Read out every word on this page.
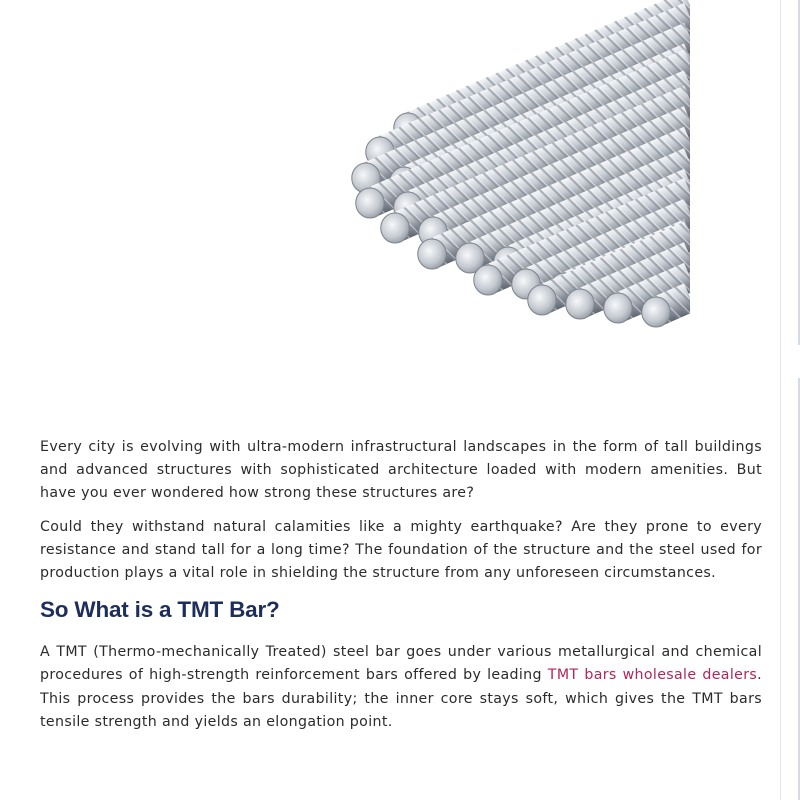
Every city is evolving with ultra-modern infrastructural landscapes in the form of tall buildings and advanced structures with sophisticated architecture loaded with modern amenities. But have you ever wondered how strong these structures are?

Could they withstand natural calamities like a mighty earthquake? Are they prone to every resistance and stand tall for a long time? The foundation of the structure and the steel used for production plays a vital role in shielding the structure from any unforeseen circumstances.

So What is a TMT Bar?

A TMT (Thermo-mechanically Treated) steel bar goes under various metallurgical and chemical procedures of high-strength reinforcement bars offered by leading TMT bars wholesale dealers. This process provides the bars durability; the inner core stays soft, which gives the TMT bars tensile strength and yields an elongation point.
